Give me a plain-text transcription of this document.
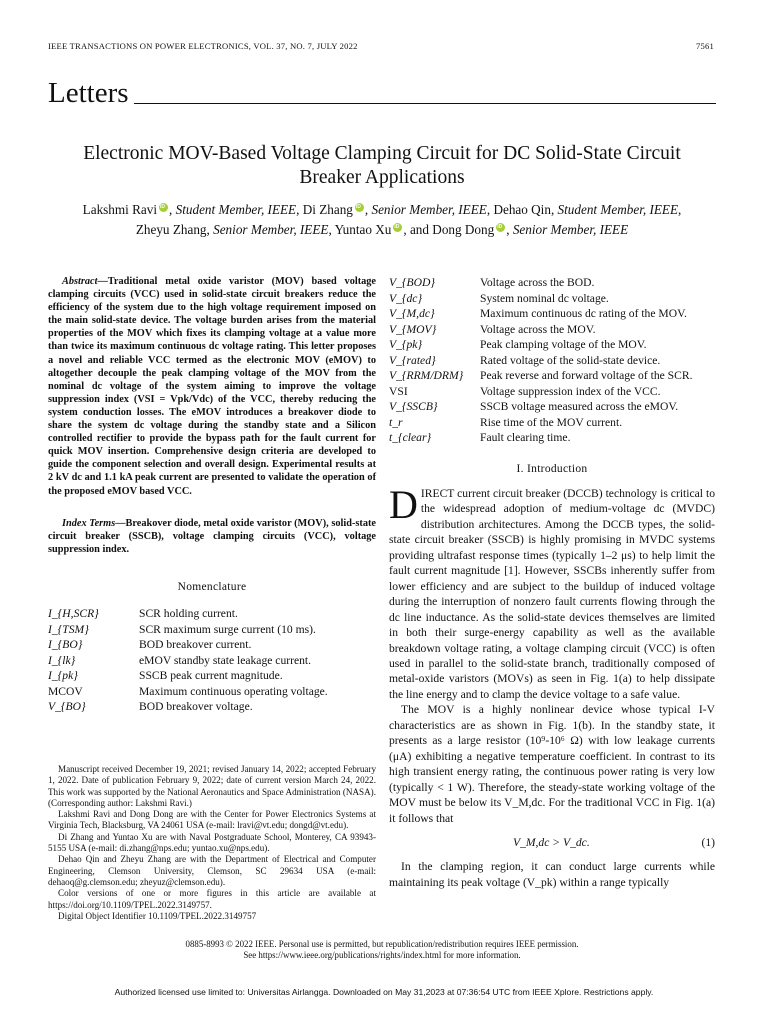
IEEE TRANSACTIONS ON POWER ELECTRONICS, VOL. 37, NO. 7, JULY 2022	7561
Letters
Electronic MOV-Based Voltage Clamping Circuit for DC Solid-State Circuit Breaker Applications
Lakshmi Ravi iD , Student Member, IEEE, Di Zhang iD , Senior Member, IEEE, Dehao Qin, Student Member, IEEE,
Zheyu Zhang, Senior Member, IEEE, Yuntao Xu iD , and Dong Dong iD , Senior Member, IEEE
Abstract—Traditional metal oxide varistor (MOV) based voltage clamping circuits (VCC) used in solid-state circuit breakers reduce the efficiency of the system due to the high voltage requirement imposed on the main solid-state device. The voltage burden arises from the material properties of the MOV which fixes its clamping voltage at a value more than twice its maximum continuous dc voltage rating. This letter proposes a novel and reliable VCC termed as the electronic MOV (eMOV) to altogether decouple the peak clamping voltage of the MOV from the nominal dc voltage of the system aiming to improve the voltage suppression index (VSI = Vpk/Vdc) of the VCC, thereby reducing the system conduction losses. The eMOV introduces a breakover diode to share the system dc voltage during the standby state and a Silicon controlled rectifier to provide the bypass path for the fault current for quick MOV insertion. Comprehensive design criteria are developed to guide the component selection and overall design. Experimental results at 2 kV dc and 1.1 kA peak current are presented to validate the operation of the proposed eMOV based VCC.
Index Terms—Breakover diode, metal oxide varistor (MOV), solid-state circuit breaker (SSCB), voltage clamping circuits (VCC), voltage suppression index.
Nomenclature
I_{H,SCR}	SCR holding current.
I_{TSM}	SCR maximum surge current (10 ms).
I_{BO}	BOD breakover current.
I_{lk}	eMOV standby state leakage current.
I_{pk}	SSCB peak current magnitude.
MCOV	Maximum continuous operating voltage.
V_{BO}	BOD breakover voltage.
V_{BOD}	Voltage across the BOD.
V_{dc}	System nominal dc voltage.
V_{M,dc}	Maximum continuous dc rating of the MOV.
V_{MOV}	Voltage across the MOV.
V_{pk}	Peak clamping voltage of the MOV.
V_{rated}	Rated voltage of the solid-state device.
V_{RRM/DRM}	Peak reverse and forward voltage of the SCR.
VSI	Voltage suppression index of the VCC.
V_{SSCB}	SSCB voltage measured across the eMOV.
t_r	Rise time of the MOV current.
t_{clear}	Fault clearing time.

Manuscript received December 19, 2021; revised January 14, 2022; accepted February 1, 2022. Date of publication February 9, 2022; date of current version March 24, 2022. This work was supported by the National Aeronautics and Space Administration (NASA). (Corresponding author: Lakshmi Ravi.)

Lakshmi Ravi and Dong Dong are with the Center for Power Electronics Systems at Virginia Tech, Blacksburg, VA 24061 USA (e-mail: lravi@vt.edu; dongd@vt.edu).

Di Zhang and Yuntao Xu are with Naval Postgraduate School, Monterey, CA 93943-5155 USA (e-mail: di.zhang@nps.edu; yuntao.xu@nps.edu).

Dehao Qin and Zheyu Zhang are with the Department of Electrical and Computer Engineering, Clemson University, Clemson, SC 29634 USA (e-mail: dehaoq@g.clemson.edu; zheyuz@clemson.edu).

Color versions of one or more figures in this article are available at https://doi.org/10.1109/TPEL.2022.3149757.

Digital Object Identifier 10.1109/TPEL.2022.3149757

I. Introduction

DIRECT current circuit breaker (DCCB) technology is critical to the widespread adoption of medium-voltage dc (MVDC) distribution architectures. Among the DCCB types, the solid-state circuit breaker (SSCB) is highly promising in MVDC systems providing ultrafast response times (typically 1–2 μs) to help limit the fault current magnitude [1]. However, SSCBs inherently suffer from lower efficiency and are subject to the buildup of induced voltage during the interruption of nonzero fault currents flowing through the dc line inductance. As the solid-state devices themselves are limited in both their surge-energy capability as well as the available breakdown voltage rating, a voltage clamping circuit (VCC) is often used in parallel to the solid-state branch, traditionally composed of metal-oxide varistors (MOVs) as seen in Fig. 1(a) to help dissipate the line energy and to clamp the device voltage to a safe value.

The MOV is a highly nonlinear device whose typical I-V characteristics are as shown in Fig. 1(b). In the standby state, it presents as a large resistor (10⁹-10⁶ Ω) with low leakage currents (μA) exhibiting a negative temperature coefficient. In contrast to its high transient energy rating, the continuous power rating is very low (typically < 1 W). Therefore, the steady-state working voltage of the MOV must be below its V_M,dc. For the traditional VCC in Fig. 1(a) it follows that

V_M,dc > V_dc.	(1)

In the clamping region, it can conduct large currents while maintaining its peak voltage (V_pk) within a range typically

0885-8993 © 2022 IEEE. Personal use is permitted, but republication/redistribution requires IEEE permission.
See https://www.ieee.org/publications/rights/index.html for more information.
Authorized licensed use limited to: Universitas Airlangga. Downloaded on May 31,2023 at 07:36:54 UTC from IEEE Xplore. Restrictions apply.
